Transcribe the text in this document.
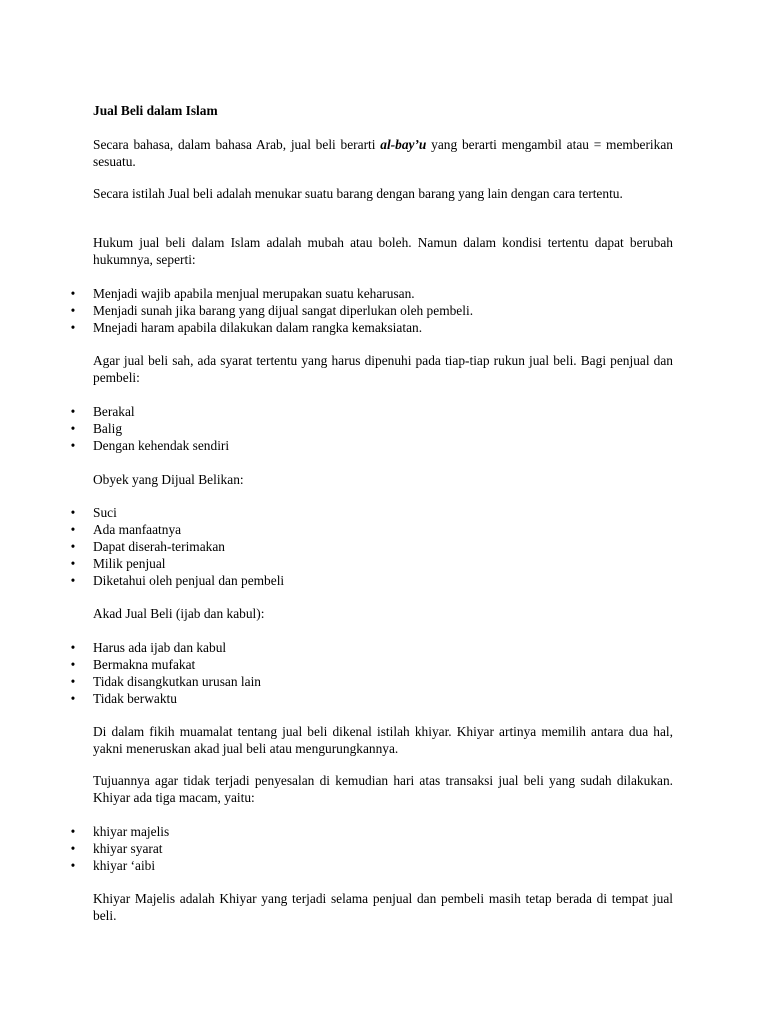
Jual Beli dalam Islam

Secara bahasa, dalam bahasa Arab, jual beli berarti al-bay’u yang berarti mengambil atau = memberikan sesuatu.

Secara istilah Jual beli adalah menukar suatu barang dengan barang yang lain dengan cara tertentu.

Hukum jual beli dalam Islam adalah mubah atau boleh. Namun dalam kondisi tertentu dapat berubah hukumnya, seperti:

• Menjadi wajib apabila menjual merupakan suatu keharusan.
• Menjadi sunah jika barang yang dijual sangat diperlukan oleh pembeli.
• Mnejadi haram apabila dilakukan dalam rangka kemaksiatan.

Agar jual beli sah, ada syarat tertentu yang harus dipenuhi pada tiap-tiap rukun jual beli. Bagi penjual dan pembeli:

• Berakal
• Balig
• Dengan kehendak sendiri

Obyek yang Dijual Belikan:

• Suci
• Ada manfaatnya
• Dapat diserah-terimakan
• Milik penjual
• Diketahui oleh penjual dan pembeli

Akad Jual Beli (ijab dan kabul):

• Harus ada ijab dan kabul
• Bermakna mufakat
• Tidak disangkutkan urusan lain
• Tidak berwaktu

Di dalam fikih muamalat tentang jual beli dikenal istilah khiyar. Khiyar artinya memilih antara dua hal, yakni meneruskan akad jual beli atau mengurungkannya.

Tujuannya agar tidak terjadi penyesalan di kemudian hari atas transaksi jual beli yang sudah dilakukan. Khiyar ada tiga macam, yaitu:

• khiyar majelis
• khiyar syarat
• khiyar ‘aibi

Khiyar Majelis adalah Khiyar yang terjadi selama penjual dan pembeli masih tetap berada di tempat jual beli.
